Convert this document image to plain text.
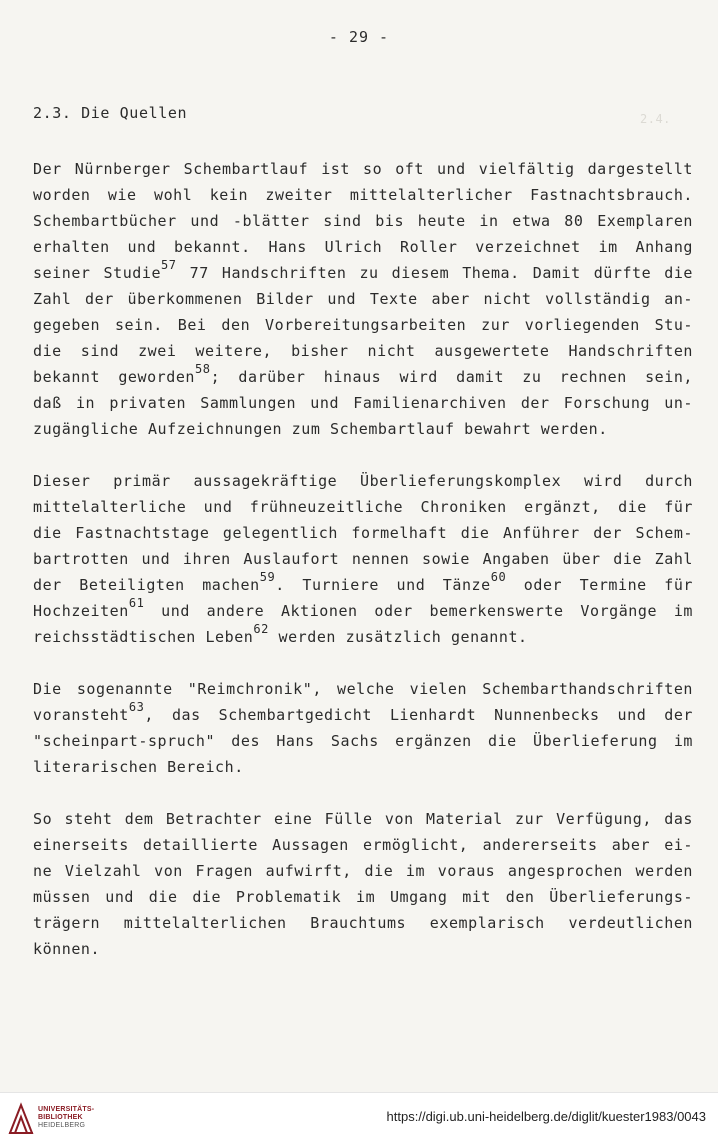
2.4.
- 29 -
2.3. Die Quellen
Der Nürnberger Schembartlauf ist so oft und vielfältig dargestellt
worden wie wohl kein zweiter mittelalterlicher Fastnachtsbrauch.
Schembartbücher und -blätter sind bis heute in etwa 80 Exemplaren
erhalten und bekannt. Hans Ulrich Roller verzeichnet im Anhang
seiner Studie$^{57}$ 77 Handschriften zu diesem Thema. Damit dürfte die
Zahl der überkommenen Bilder und Texte aber nicht vollständig an-
gegeben sein. Bei den Vorbereitungsarbeiten zur vorliegenden Stu-
die sind zwei weitere, bisher nicht ausgewertete Handschriften
bekannt geworden$^{58}$; darüber hinaus wird damit zu rechnen sein,
daß in privaten Sammlungen und Familienarchiven der Forschung un-
zugängliche Aufzeichnungen zum Schembartlauf bewahrt werden.
Dieser primär aussagekräftige Überlieferungskomplex wird durch
mittelalterliche und frühneuzeitliche Chroniken ergänzt, die für
die Fastnachtstage gelegentlich formelhaft die Anführer der Schem-
bartrotten und ihren Auslaufort nennen sowie Angaben über die Zahl
der Beteiligten machen$^{59}$. Turniere und Tänze$^{60}$ oder Termine für
Hochzeiten$^{61}$ und andere Aktionen oder bemerkenswerte Vorgänge im
reichsstädtischen Leben$^{62}$ werden zusätzlich genannt.
Die sogenannte "Reimchronik", welche vielen Schembarthandschriften
voransteht$^{63}$, das Schembartgedicht Lienhardt Nunnenbecks und der
"scheinpart-spruch" des Hans Sachs ergänzen die Überlieferung im
literarischen Bereich.
So steht dem Betrachter eine Fülle von Material zur Verfügung, das
einerseits detaillierte Aussagen ermöglicht, andererseits aber ei-
ne Vielzahl von Fragen aufwirft, die im voraus angesprochen werden
müssen und die die Problematik im Umgang mit den Überlieferungs-
trägern mittelalterlichen Brauchtums exemplarisch verdeutlichen
können.
UNIVERSITÄTS-
BIBLIOTHEK
HEIDELBERG
https://digi.ub.uni-heidelberg.de/diglit/kuester1983/0043
